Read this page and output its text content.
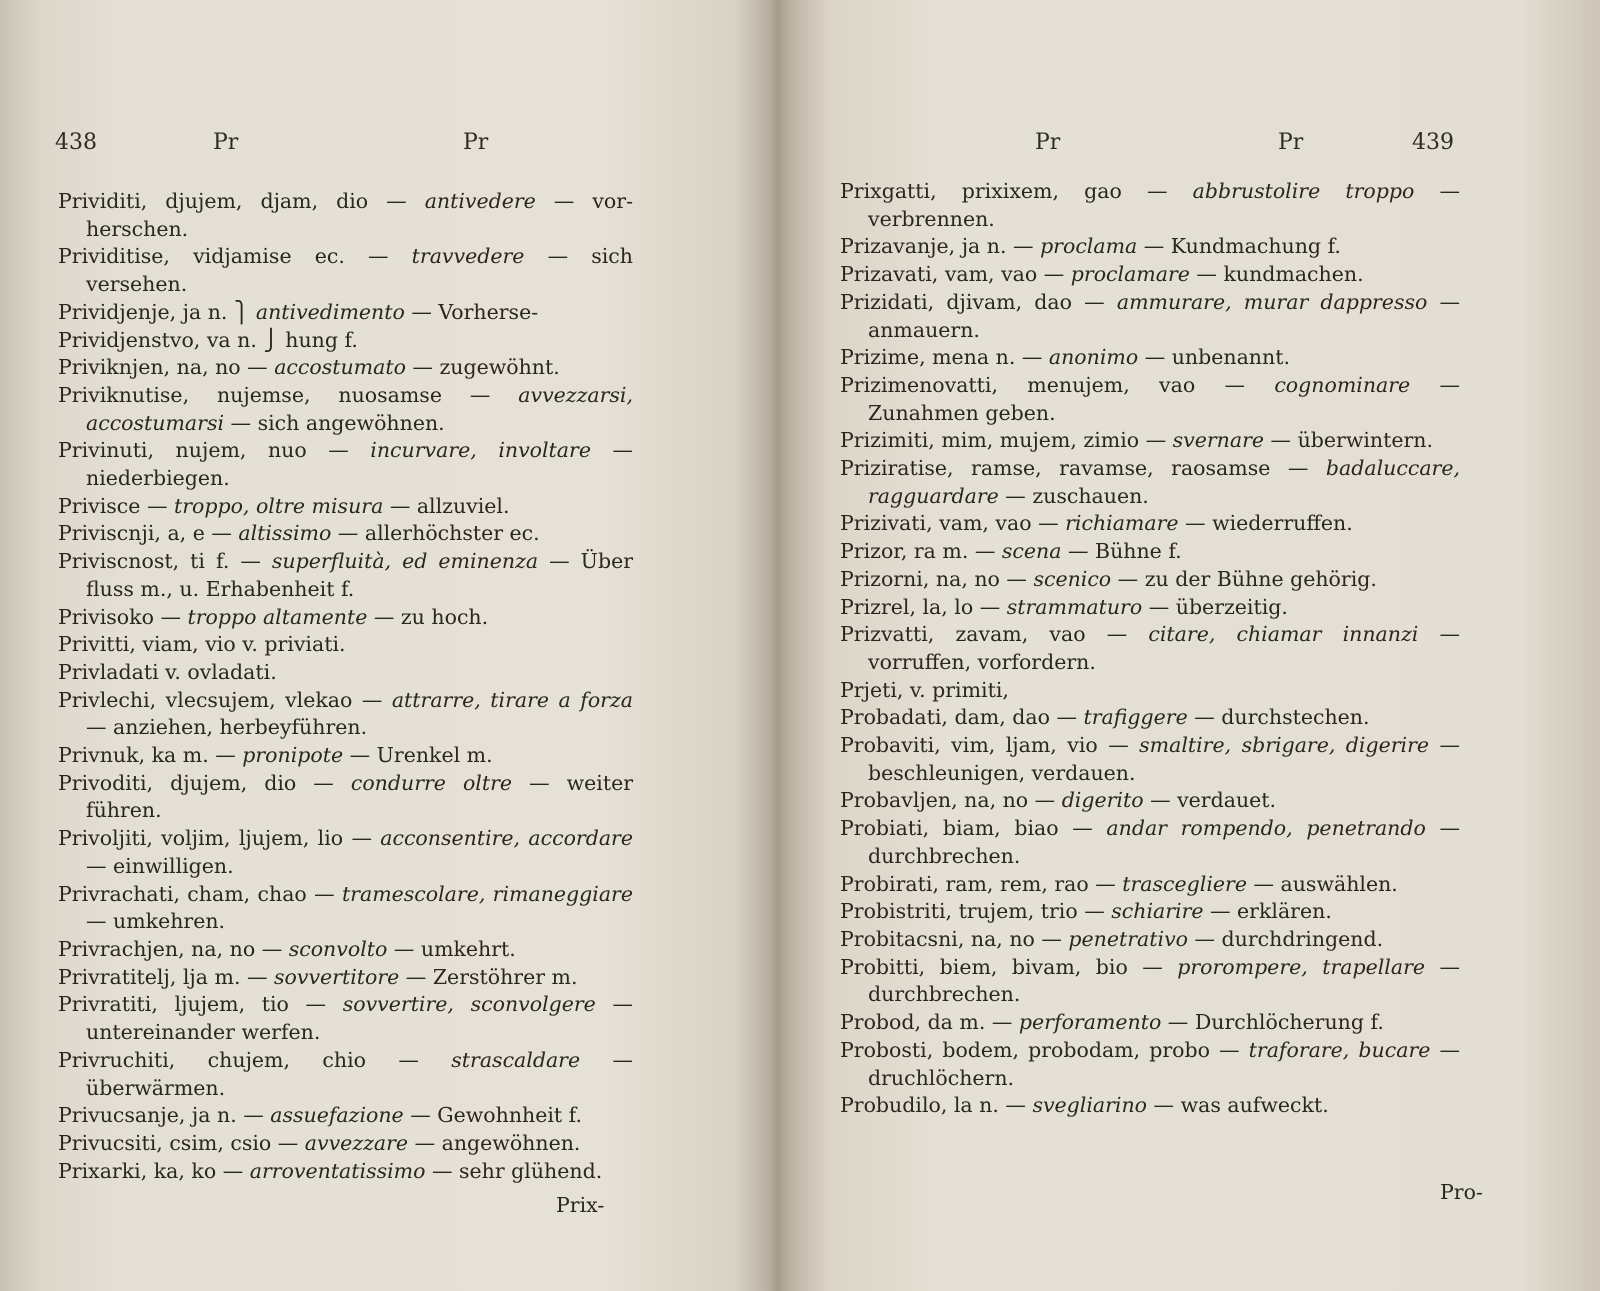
438	Pr	Pr
Prividiti, djujem, djam, dio — antivedere — vor-herschen.
Prividitise, vidjamise ec. — travvedere — sich versehen.
Prividjenje, ja n. ⎫ antivedimento — Vorherse-
Prividjenstvo, va n. ⎭ hung f.
Priviknjen, na, no — accostumato — zugewöhnt.
Priviknutise, nujemse, nuosamse — avvezzarsi, accostumarsi — sich angewöhnen.
Privinuti, nujem, nuo — incurvare, involtare — niederbiegen.
Privisce — troppo, oltre misura — allzuviel.
Priviscnji, a, e — altissimo — allerhöchster ec.
Priviscnost, ti f. — superfluità, ed eminenza — Über fluss m., u. Erhabenheit f.
Privisoko — troppo altamente — zu hoch.
Privitti, viam, vio v. priviati.
Privladati v. ovladati.
Privlechi, vlecsujem, vlekao — attrarre, tirare a forza — anziehen, herbeyführen.
Privnuk, ka m. — pronipote — Urenkel m.
Privoditi, djujem, dio — condurre oltre — weiter führen.
Privoljiti, voljim, ljujem, lio — acconsentire, accordare — einwilligen.
Privrachati, cham, chao — tramescolare, rimaneggiare — umkehren.
Privrachjen, na, no — sconvolto — umkehrt.
Privratitelj, lja m. — sovvertitore — Zerstöhrer m.
Privratiti, ljujem, tio — sovvertire, sconvolgere — untereinander werfen.
Privruchiti, chujem, chio — strascaldare — überwärmen.
Privucsanje, ja n. — assuefazione — Gewohnheit f.
Privucsiti, csim, csio — avvezzare — angewöhnen.
Prixarki, ka, ko — arroventatissimo — sehr glühend.
Prix-
Pr	Pr	439
Prixgatti, prixixem, gao — abbrustolire troppo — verbrennen.
Prizavanje, ja n. — proclama — Kundmachung f.
Prizavati, vam, vao — proclamare — kundmachen.
Prizidati, djivam, dao — ammurare, murar dappresso — anmauern.
Prizime, mena n. — anonimo — unbenannt.
Prizimenovatti, menujem, vao — cognominare — Zunahmen geben.
Prizimiti, mim, mujem, zimio — svernare — überwintern.
Priziratise, ramse, ravamse, raosamse — badaluccare, ragguardare — zuschauen.
Prizivati, vam, vao — richiamare — wiederruffen.
Prizor, ra m. — scena — Bühne f.
Prizorni, na, no — scenico — zu der Bühne gehörig.
Prizrel, la, lo — strammaturo — überzeitig.
Prizvatti, zavam, vao — citare, chiamar innanzi — vorruffen, vorfordern.
Prjeti, v. primiti,
Probadati, dam, dao — trafiggere — durchstechen.
Probaviti, vim, ljam, vio — smaltire, sbrigare, digerire — beschleunigen, verdauen.
Probavljen, na, no — digerito — verdauet.
Probiati, biam, biao — andar rompendo, penetrando — durchbrechen.
Probirati, ram, rem, rao — trascegliere — auswählen.
Probistriti, trujem, trio — schiarire — erklären.
Probitacsni, na, no — penetrativo — durchdringend.
Probitti, biem, bivam, bio — prorompere, trapellare — durchbrechen.
Probod, da m. — perforamento — Durchlöcherung f.
Probosti, bodem, probodam, probo — traforare, bucare — druchlöchern.
Probudilo, la n. — svegliarino — was aufweckt.
Pro-
